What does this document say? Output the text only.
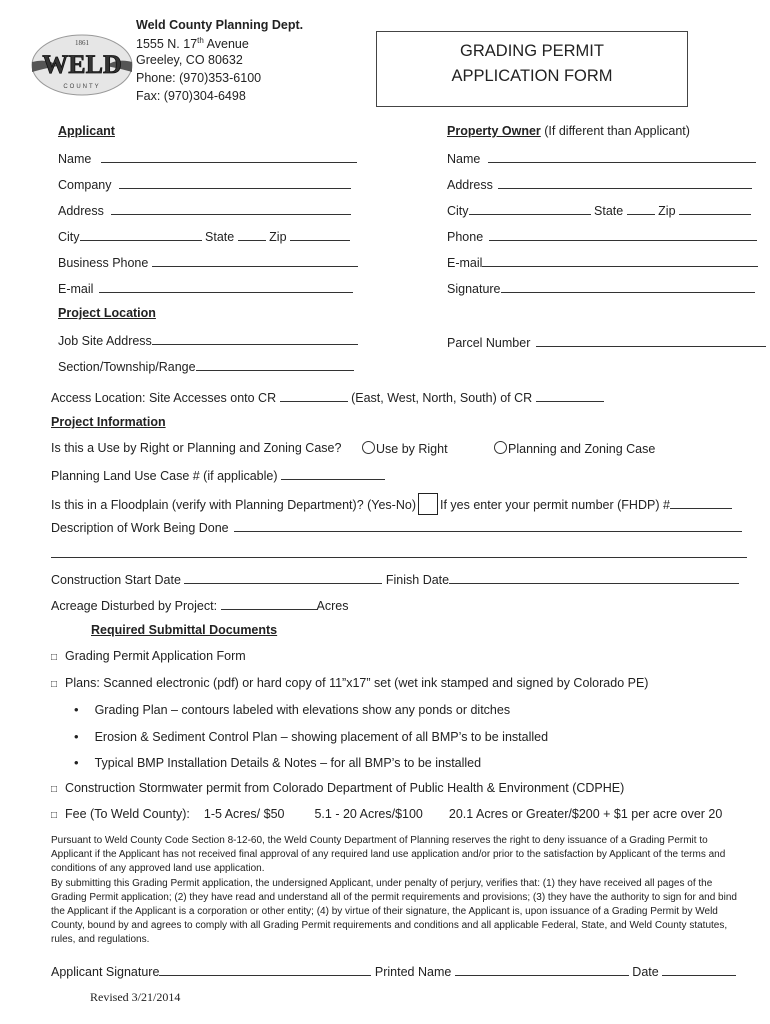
1861
WELD
COUNTY
Weld County Planning Dept.
1555 N. 17th Avenue
Greeley, CO 80632
Phone: (970)353-6100
Fax: (970)304-6498
GRADING PERMIT
APPLICATION FORM
Applicant
Name
Company
Address
City	State	Zip
Business Phone
E-mail
Property Owner (If different than Applicant)
Name
Address
City	State	Zip
Phone
E-mail
Signature
Project Location
Job Site Address	Parcel Number
Section/Township/Range
Access Location: Site Accesses onto CR	(East, West, North, South) of CR
Project Information
Is this a Use by Right or Planning and Zoning Case?	Use by Right	Planning and Zoning Case
Planning Land Use Case # (if applicable)
Is this in a Floodplain (verify with Planning Department)? (Yes-No) If yes enter your permit number (FHDP) #
Description of Work Being Done
Construction Start Date	Finish Date
Acreage Disturbed by Project:	Acres
Required Submittal Documents
□ Grading Permit Application Form
□ Plans: Scanned electronic (pdf) or hard copy of 11”x17” set (wet ink stamped and signed by Colorado PE)
• Grading Plan – contours labeled with elevations show any ponds or ditches
• Erosion & Sediment Control Plan – showing placement of all BMP’s to be installed
• Typical BMP Installation Details & Notes – for all BMP’s to be installed
□ Construction Stormwater permit from Colorado Department of Public Health & Environment (CDPHE)
□ Fee (To Weld County): 1-5 Acres/ $50 5.1 - 20 Acres/$100 20.1 Acres or Greater/$200 + $1 per acre over 20

Pursuant to Weld County Code Section 8-12-60, the Weld County Department of Planning reserves the right to deny issuance of a Grading Permit to Applicant if the Applicant has not received final approval of any required land use application and/or prior to the satisfaction by Applicant of the terms and conditions of any approved land use application.

By submitting this Grading Permit application, the undersigned Applicant, under penalty of perjury, verifies that: (1) they have received all pages of the Grading Permit application; (2) they have read and understand all of the permit requirements and provisions; (3) they have the authority to sign for and bind the Applicant if the Applicant is a corporation or other entity; (4) by virtue of their signature, the Applicant is, upon issuance of a Grading Permit by Weld County, bound by and agrees to comply with all Grading Permit requirements and conditions and all applicable Federal, State, and Weld County statutes, rules, and regulations.

Applicant Signature	Printed Name	Date
Revised 3/21/2014
